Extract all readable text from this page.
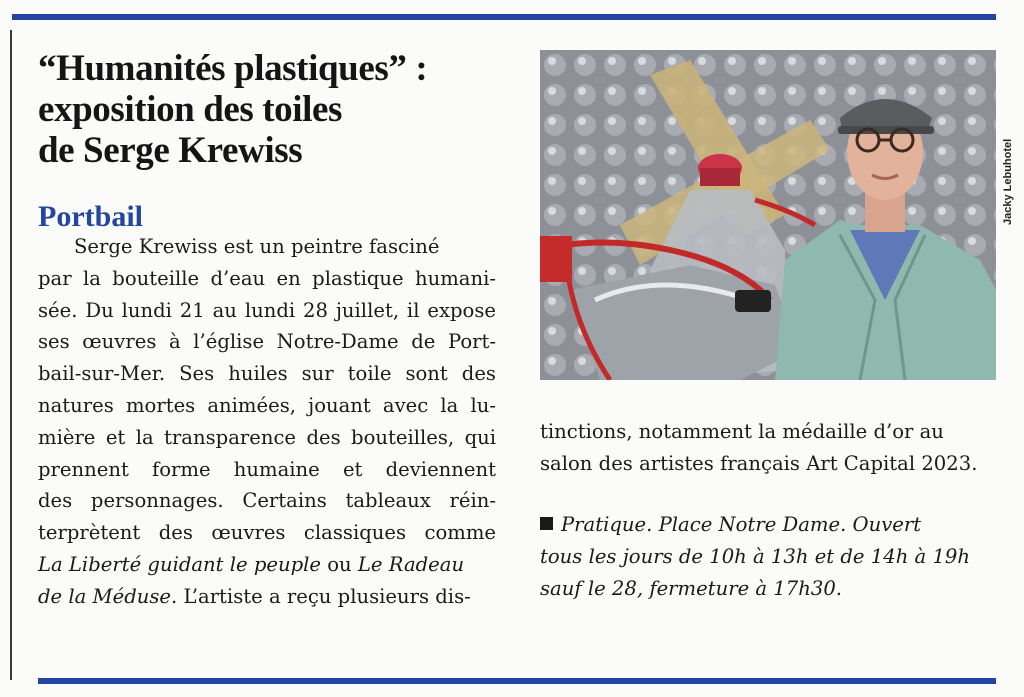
“Humanités plastiques” :
exposition des toiles
de Serge Krewiss
Portbail
Serge Krewiss est un peintre fasciné
par la bouteille d’eau en plastique humani-
sée. Du lundi 21 au lundi 28 juillet, il expose
ses œuvres à l’église Notre-Dame de Port-
bail-sur-Mer. Ses huiles sur toile sont des
natures mortes animées, jouant avec la lu-
mière et la transparence des bouteilles, qui
prennent forme humaine et deviennent
des personnages. Certains tableaux réin-
terprètent des œuvres classiques comme
La Liberté guidant le peuple ou Le Radeau
de la Méduse. L’artiste a reçu plusieurs dis-
Jacky Lebuhotel
tinctions, notamment la médaille d’or au
salon des artistes français Art Capital 2023.
Pratique. Place Notre Dame. Ouvert
tous les jours de 10h à 13h et de 14h à 19h
sauf le 28, fermeture à 17h30.
